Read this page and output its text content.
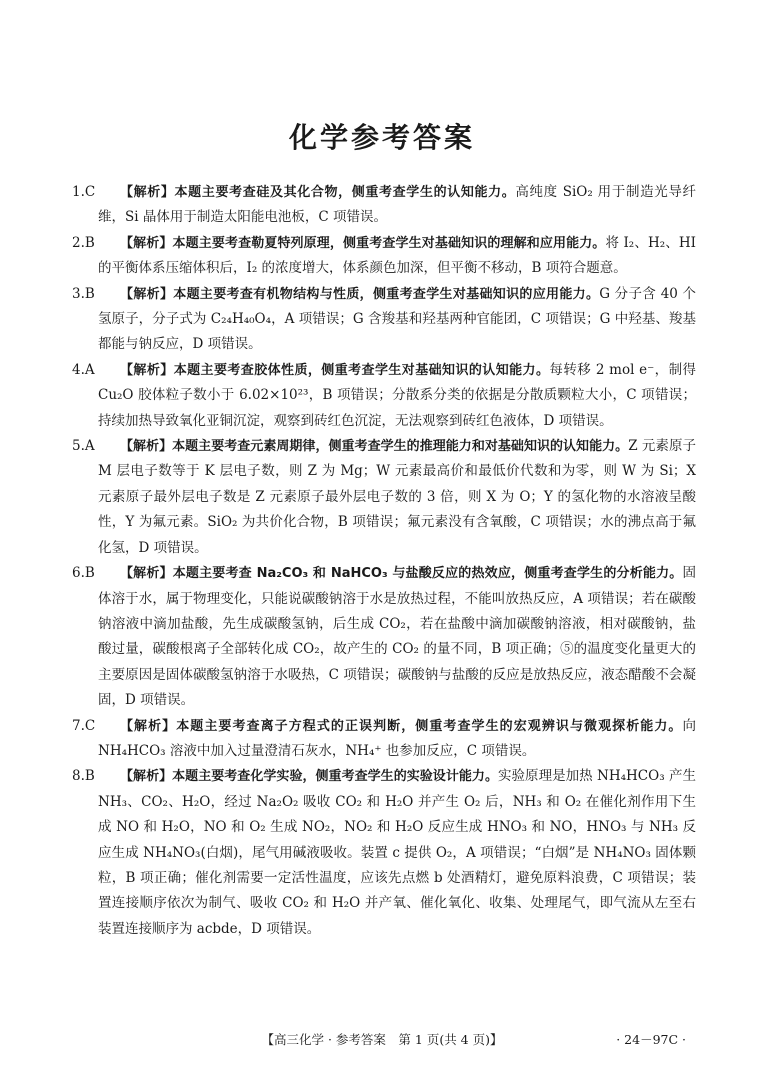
化学参考答案
1.C 【解析】本题主要考查硅及其化合物，侧重考查学生的认知能力。高纯度 SiO₂ 用于制造光导纤维，Si 晶体用于制造太阳能电池板，C 项错误。
2.B 【解析】本题主要考查勒夏特列原理，侧重考查学生对基础知识的理解和应用能力。将 I₂、H₂、HI 的平衡体系压缩体积后，I₂ 的浓度增大，体系颜色加深，但平衡不移动，B 项符合题意。
3.B 【解析】本题主要考查有机物结构与性质，侧重考查学生对基础知识的应用能力。G 分子含 40 个氢原子，分子式为 C₂₄H₄₀O₄，A 项错误；G 含羧基和羟基两种官能团，C 项错误；G 中羟基、羧基都能与钠反应，D 项错误。
4.A 【解析】本题主要考查胶体性质，侧重考查学生对基础知识的认知能力。每转移 2 mol e⁻，制得 Cu₂O 胶体粒子数小于 6.02×10²³，B 项错误；分散系分类的依据是分散质颗粒大小，C 项错误；持续加热导致氧化亚铜沉淀，观察到砖红色沉淀，无法观察到砖红色液体，D 项错误。
5.A 【解析】本题主要考查元素周期律，侧重考查学生的推理能力和对基础知识的认知能力。Z 元素原子 M 层电子数等于 K 层电子数，则 Z 为 Mg；W 元素最高价和最低价代数和为零，则 W 为 Si；X 元素原子最外层电子数是 Z 元素原子最外层电子数的 3 倍，则 X 为 O；Y 的氢化物的水溶液呈酸性，Y 为氟元素。SiO₂ 为共价化合物，B 项错误；氟元素没有含氧酸，C 项错误；水的沸点高于氟化氢，D 项错误。
6.B 【解析】本题主要考查 Na₂CO₃ 和 NaHCO₃ 与盐酸反应的热效应，侧重考查学生的分析能力。固体溶于水，属于物理变化，只能说碳酸钠溶于水是放热过程，不能叫放热反应，A 项错误；若在碳酸钠溶液中滴加盐酸，先生成碳酸氢钠，后生成 CO₂，若在盐酸中滴加碳酸钠溶液，相对碳酸钠，盐酸过量，碳酸根离子全部转化成 CO₂，故产生的 CO₂ 的量不同，B 项正确；⑤的温度变化量更大的主要原因是固体碳酸氢钠溶于水吸热，C 项错误；碳酸钠与盐酸的反应是放热反应，液态醋酸不会凝固，D 项错误。
7.C 【解析】本题主要考查离子方程式的正误判断，侧重考查学生的宏观辨识与微观探析能力。向 NH₄HCO₃ 溶液中加入过量澄清石灰水，NH₄⁺ 也参加反应，C 项错误。
8.B 【解析】本题主要考查化学实验，侧重考查学生的实验设计能力。实验原理是加热 NH₄HCO₃ 产生 NH₃、CO₂、H₂O，经过 Na₂O₂ 吸收 CO₂ 和 H₂O 并产生 O₂ 后，NH₃ 和 O₂ 在催化剂作用下生成 NO 和 H₂O，NO 和 O₂ 生成 NO₂，NO₂ 和 H₂O 反应生成 HNO₃ 和 NO，HNO₃ 与 NH₃ 反应生成 NH₄NO₃(白烟)，尾气用碱液吸收。装置 c 提供 O₂，A 项错误；“白烟”是 NH₄NO₃ 固体颗粒，B 项正确；催化剂需要一定活性温度，应该先点燃 b 处酒精灯，避免原料浪费，C 项错误；装置连接顺序依次为制气、吸收 CO₂ 和 H₂O 并产氧、催化氧化、收集、处理尾气，即气流从左至右装置连接顺序为 acbde，D 项错误。
【高三化学 · 参考答案　第 1 页(共 4 页)】	· 24－97C ·
